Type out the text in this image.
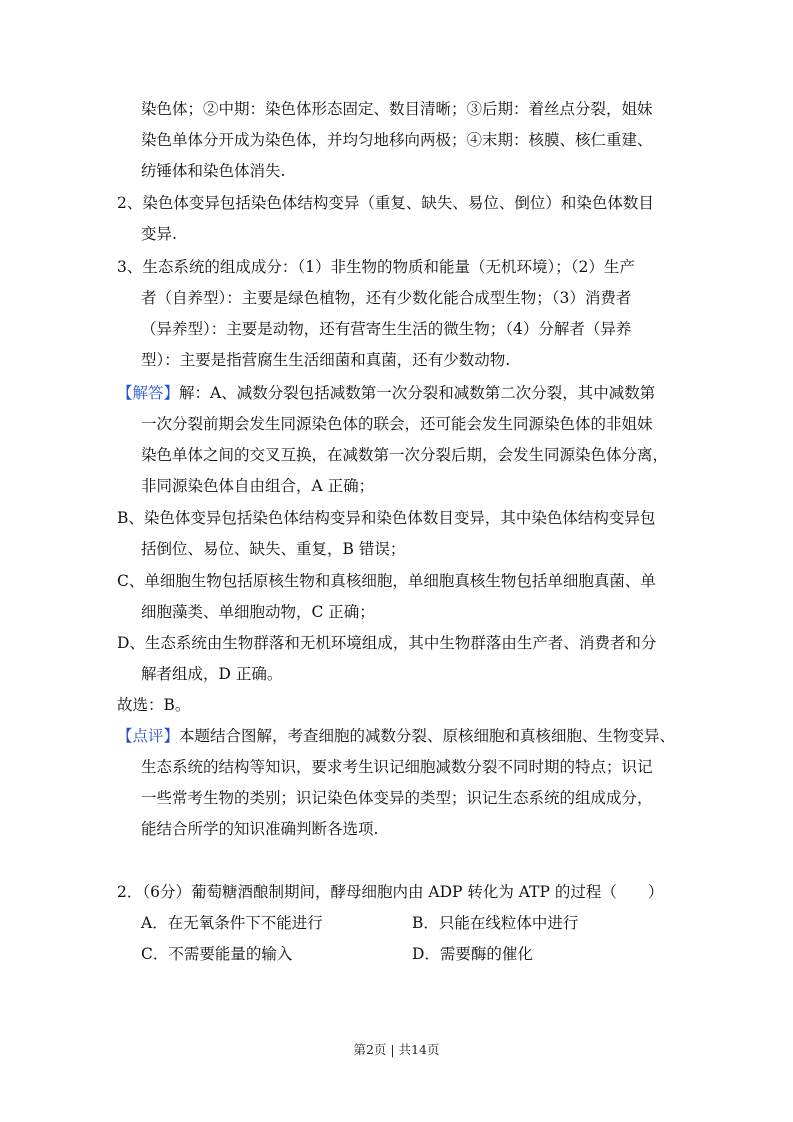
染色体；②中期：染色体形态固定、数目清晰；③后期：着丝点分裂，姐妹
染色单体分开成为染色体，并均匀地移向两极；④末期：核膜、核仁重建、
纺锤体和染色体消失.
2、染色体变异包括染色体结构变异（重复、缺失、易位、倒位）和染色体数目
变异.
3、生态系统的组成成分：（1）非生物的物质和能量（无机环境）；（2）生产
者（自养型）：主要是绿色植物，还有少数化能合成型生物；（3）消费者
（异养型）：主要是动物，还有营寄生生活的微生物；（4）分解者（异养
型）：主要是指营腐生生活细菌和真菌，还有少数动物.
【解答】解：A、减数分裂包括减数第一次分裂和减数第二次分裂，其中减数第
一次分裂前期会发生同源染色体的联会，还可能会发生同源染色体的非姐妹
染色单体之间的交叉互换，在减数第一次分裂后期，会发生同源染色体分离，
非同源染色体自由组合，A 正确；
B、染色体变异包括染色体结构变异和染色体数目变异，其中染色体结构变异包
括倒位、易位、缺失、重复，B 错误；
C、单细胞生物包括原核生物和真核细胞，单细胞真核生物包括单细胞真菌、单
细胞藻类、单细胞动物，C 正确；
D、生态系统由生物群落和无机环境组成，其中生物群落由生产者、消费者和分
解者组成，D 正确。
故选：B。
【点评】本题结合图解，考查细胞的减数分裂、原核细胞和真核细胞、生物变异、
生态系统的结构等知识，要求考生识记细胞减数分裂不同时期的特点；识记
一些常考生物的类别；识记染色体变异的类型；识记生态系统的组成成分，
能结合所学的知识准确判断各选项.
2．（6分）葡萄糖酒酿制期间，酵母细胞内由 ADP 转化为 ATP 的过程（　　）
A．在无氧条件下不能进行	B．只能在线粒体中进行
C．不需要能量的输入	D．需要酶的催化
第2页 | 共14页
